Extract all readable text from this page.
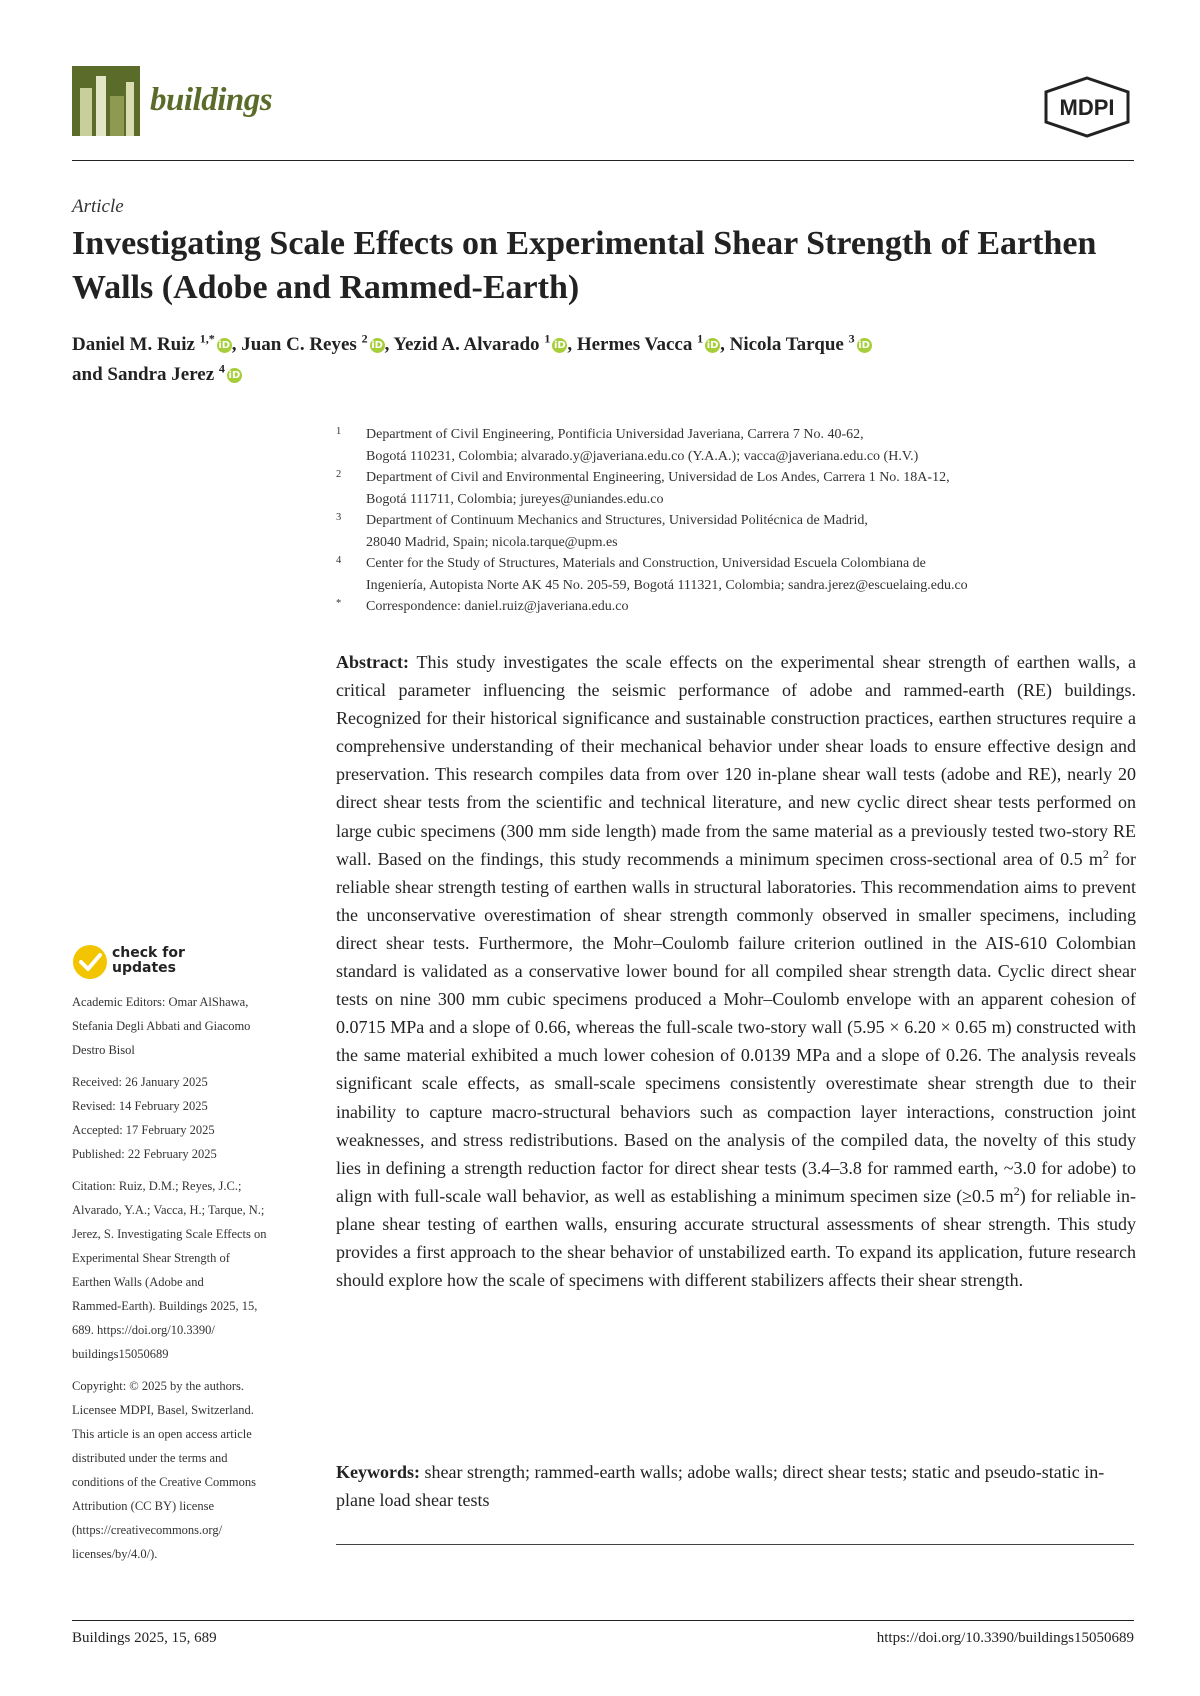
buildings	MDPI
Article
Investigating Scale Effects on Experimental Shear Strength of Earthen Walls (Adobe and Rammed-Earth)
Daniel M. Ruiz $^{1,*}$ iD, Juan C. Reyes $^2$ iD, Yezid A. Alvarado $^1$ iD, Hermes Vacca $^1$ iD, Nicola Tarque $^3$ iD
and Sandra Jerez $^4$ iD
1 Department of Civil Engineering, Pontificia Universidad Javeriana, Carrera 7 No. 40-62,
Bogotá 110231, Colombia; alvarado.y@javeriana.edu.co (Y.A.A.); vacca@javeriana.edu.co (H.V.)
2 Department of Civil and Environmental Engineering, Universidad de Los Andes, Carrera 1 No. 18A-12,
Bogotá 111711, Colombia; jureyes@uniandes.edu.co
3 Department of Continuum Mechanics and Structures, Universidad Politécnica de Madrid,
28040 Madrid, Spain; nicola.tarque@upm.es
4 Center for the Study of Structures, Materials and Construction, Universidad Escuela Colombiana de
Ingeniería, Autopista Norte AK 45 No. 205-59, Bogotá 111321, Colombia; sandra.jerez@escuelaing.edu.co
* Correspondence: daniel.ruiz@javeriana.edu.co
Abstract: This study investigates the scale effects on the experimental shear strength of earthen walls, a critical parameter influencing the seismic performance of adobe and rammed-earth (RE) buildings. Recognized for their historical significance and sustainable construction practices, earthen structures require a comprehensive understanding of their mechanical behavior under shear loads to ensure effective design and preservation. This research compiles data from over 120 in-plane shear wall tests (adobe and RE), nearly 20 direct shear tests from the scientific and technical literature, and new cyclic direct shear tests performed on large cubic specimens (300 mm side length) made from the same material as a previously tested two-story RE wall. Based on the findings, this study recommends a minimum specimen cross-sectional area of 0.5 $m^2$ for reliable shear strength testing of earthen walls in structural laboratories. This recommendation aims to prevent the unconservative overestimation of shear strength commonly observed in smaller specimens, including direct shear tests. Furthermore, the Mohr–Coulomb failure criterion outlined in the AIS-610 Colombian standard is validated as a conservative lower bound for all compiled shear strength data. Cyclic direct shear tests on nine 300 mm cubic specimens produced a Mohr–Coulomb envelope with an apparent cohesion of 0.0715 MPa and a slope of 0.66, whereas the full-scale two-story wall (5.95 × 6.20 × 0.65 m) constructed with the same material exhibited a much lower cohesion of 0.0139 MPa and a slope of 0.26. The analysis reveals significant scale effects, as small-scale specimens consistently overestimate shear strength due to their inability to capture macro-structural behaviors such as compaction layer interactions, construction joint weaknesses, and stress redistributions. Based on the analysis of the compiled data, the novelty of this study lies in defining a strength reduction factor for direct shear tests (3.4–3.8 for rammed earth, ~3.0 for adobe) to align with full-scale wall behavior, as well as establishing a minimum specimen size (≥0.5 $m^2$) for reliable in-plane shear testing of earthen walls, ensuring accurate structural assessments of shear strength. This study provides a first approach to the shear behavior of unstabilized earth. To expand its application, future research should explore how the scale of specimens with different stabilizers affects their shear strength.
Keywords: shear strength; rammed-earth walls; adobe walls; direct shear tests; static and pseudo-static in-plane load shear tests
check for
updates
Academic Editors: Omar AlShawa,
Stefania Degli Abbati and Giacomo
Destro Bisol
Received: 26 January 2025
Revised: 14 February 2025
Accepted: 17 February 2025
Published: 22 February 2025
Citation: Ruiz, D.M.; Reyes, J.C.;
Alvarado, Y.A.; Vacca, H.; Tarque, N.;
Jerez, S. Investigating Scale Effects on
Experimental Shear Strength of
Earthen Walls (Adobe and
Rammed-Earth). Buildings 2025, 15,
689. https://doi.org/10.3390/
buildings15050689
Copyright: © 2025 by the authors.
Licensee MDPI, Basel, Switzerland.
This article is an open access article
distributed under the terms and
conditions of the Creative Commons
Attribution (CC BY) license
(https://creativecommons.org/
licenses/by/4.0/).
Buildings 2025, 15, 689	https://doi.org/10.3390/buildings15050689
